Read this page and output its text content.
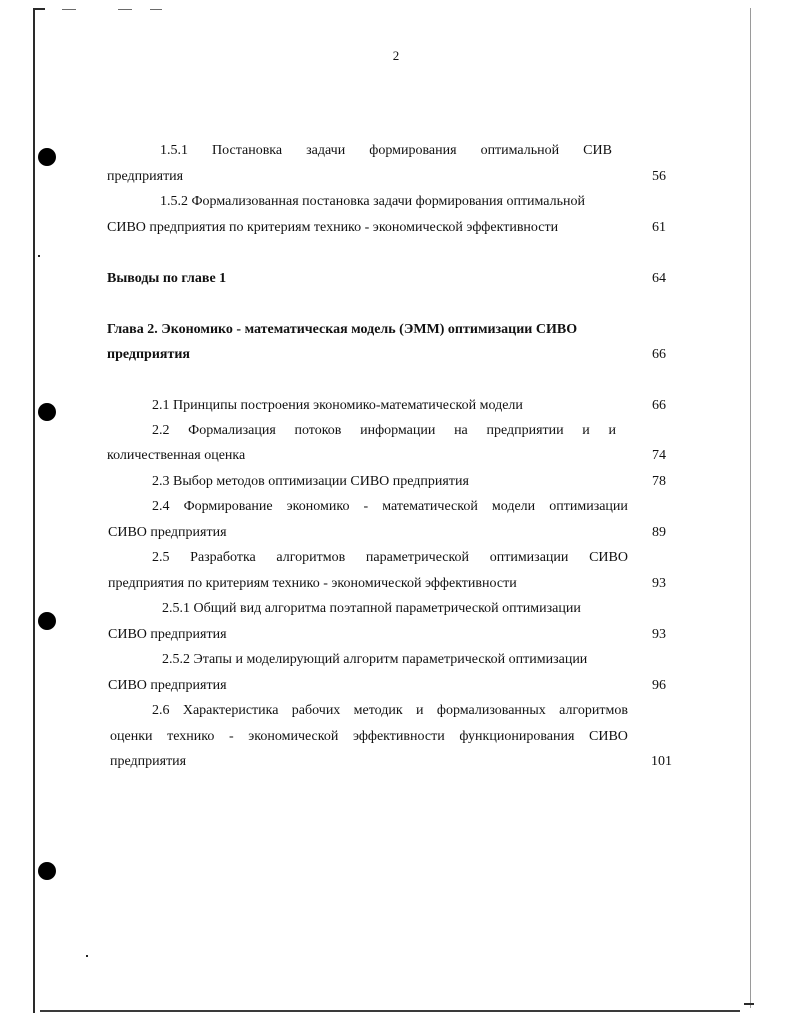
2
1.5.1 Постановка задачи формирования оптимальной СИВ
предприятия	56
1.5.2 Формализованная постановка задачи формирования оптимальной
СИВО предприятия по критериям технико - экономической эффективности	61
Выводы по главе 1	64
Глава 2. Экономико - математическая модель (ЭММ) оптимизации СИВО
предприятия	66
2.1 Принципы построения экономико-математической модели	66
2.2 Формализация потоков информации на предприятии и и
количественная оценка	74
2.3 Выбор методов оптимизации СИВО предприятия	78
2.4 Формирование экономико - математической модели оптимизации
СИВО предприятия	89
2.5 Разработка алгоритмов параметрической оптимизации СИВО
предприятия по критериям технико - экономической эффективности	93
2.5.1 Общий вид алгоритма поэтапной параметрической оптимизации
СИВО предприятия	93
2.5.2 Этапы и моделирующий алгоритм параметрической оптимизации
СИВО предприятия	96
2.6 Характеристика рабочих методик и формализованных алгоритмов
оценки технико - экономической эффективности функционирования СИВО
предприятия	101
